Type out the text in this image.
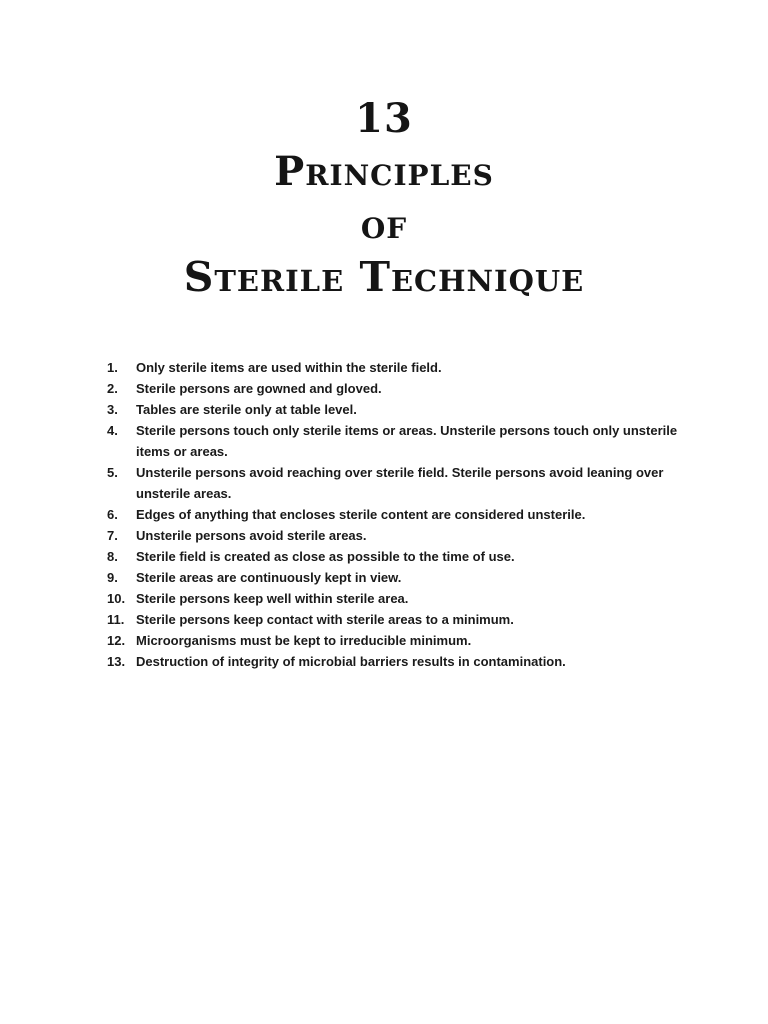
13
Principles
of
Sterile Technique
1.	Only sterile items are used within the sterile field.
2.	Sterile persons are gowned and gloved.
3.	Tables are sterile only at table level.
4.	Sterile persons touch only sterile items or areas. Unsterile persons touch only unsterile items or areas.
5.	Unsterile persons avoid reaching over sterile field. Sterile persons avoid leaning over unsterile areas.
6.	Edges of anything that encloses sterile content are considered unsterile.
7.	Unsterile persons avoid sterile areas.
8.	Sterile field is created as close as possible to the time of use.
9.	Sterile areas are continuously kept in view.
10. Sterile persons keep well within sterile area.
11. Sterile persons keep contact with sterile areas to a minimum.
12. Microorganisms must be kept to irreducible minimum.
13. Destruction of integrity of microbial barriers results in contamination.
